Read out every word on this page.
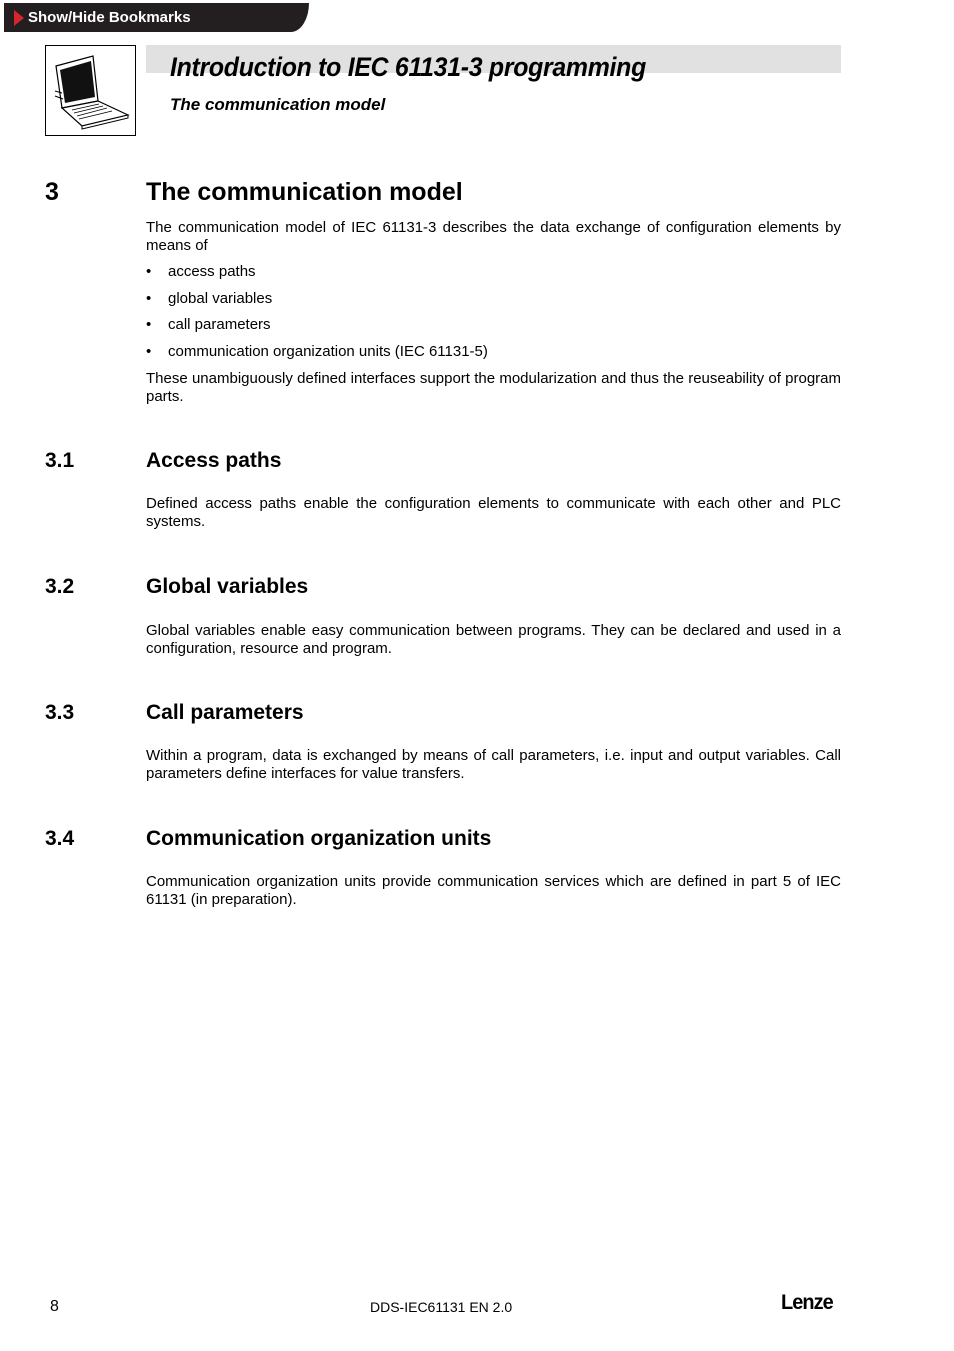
Show/Hide Bookmarks
Introduction to IEC 61131-3 programming
The communication model
3	The communication model

The communication model of IEC 61131-3 describes the data exchange of configuration elements by means of

• access paths
• global variables
• call parameters
• communication organization units (IEC 61131-5)

These unambiguously defined interfaces support the modularization and thus the reuseability of program parts.

3.1	Access paths

Defined access paths enable the configuration elements to communicate with each other and PLC systems.

3.2	Global variables

Global variables enable easy communication between programs. They can be declared and used in a configuration, resource and program.

3.3	Call parameters

Within a program, data is exchanged by means of call parameters, i.e. input and output variables. Call parameters define interfaces for value transfers.

3.4	Communication organization units

Communication organization units provide communication services which are defined in part 5 of IEC 61131 (in preparation).

8	DDS-IEC61131 EN 2.0	Lenze
